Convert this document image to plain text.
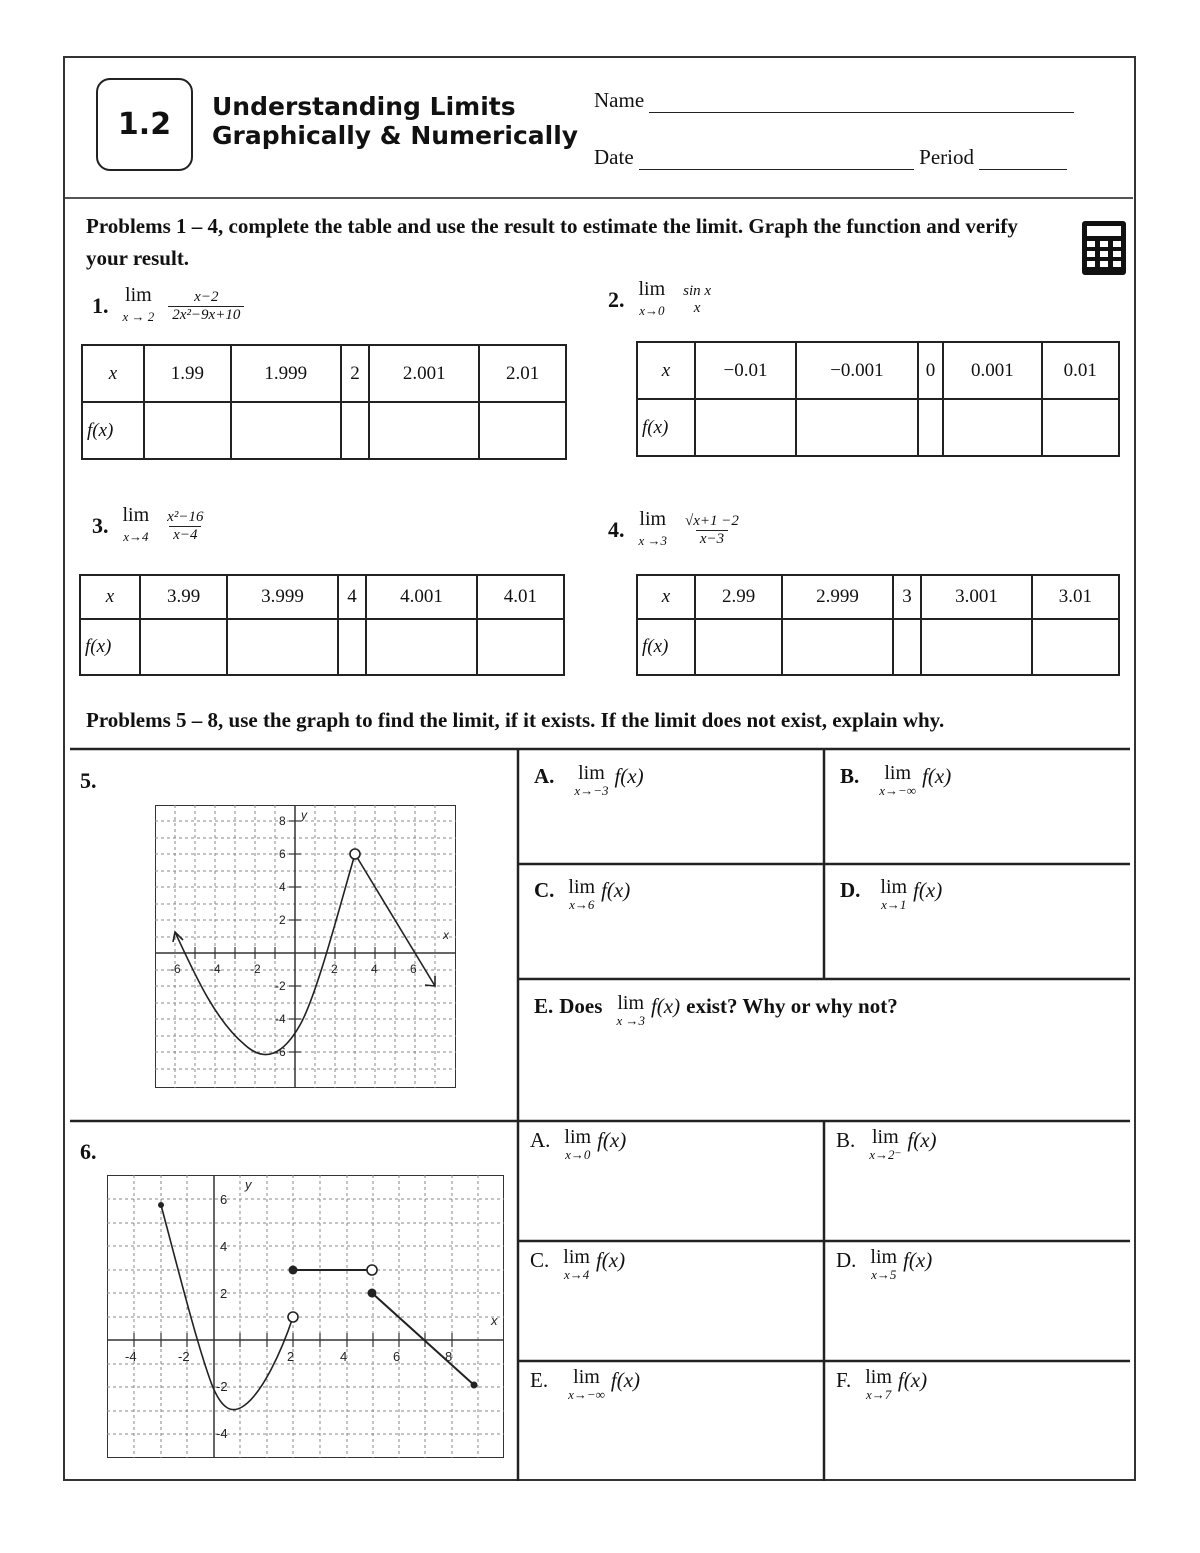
1.2
Understanding Limits
Graphically & Numerically
Name
Date	Period
Problems 1 – 4, complete the table and use the result to estimate the limit. Graph the function and verify your result.
1. lim
$x \to 2 \frac{x-2}{\text{2x²−9x+10}}$
x	1.99	1.999	2	2.001	2.01
f(x)					
2. lim
x→0
sin x
x
x	−0.01	−0.001	0	0.001	0.01
f(x)					
3. lim
$x\to 4 \frac{\text{x²−16}}{x-4}$
x	3.99	3.999	4	4.001	4.01
f(x)					
4. lim
$x \to 3 \frac{√x+1 -2}{x-3}$
x	2.99	2.999	3	3.001	3.01
f(x)					
Problems 5 – 8, use the graph to find the limit, if it exists. If the limit does not exist, explain why.
5.
-6 -4 -2	2	4	6
8
6
4
2
-2
-4
-6
x
y
A. lim
x→−3
f(x)	B. lim
x→−∞
f(x)
C. lim
x→6
f(x)	D. lim
x→1
f(x)
E. Does lim
x →3
f(x) exist? Why or why not?
6.
-4	-2	2	4	6	8
6
4
2
-2
-4
x
y
A. lim
x→0
f(x)	B. lim
x→2⁻
f(x)
C. lim
x→4
f(x)	D. lim
x→5
f(x)
E. lim
x→−∞
f(x)	F. lim
x→7
f(x)
